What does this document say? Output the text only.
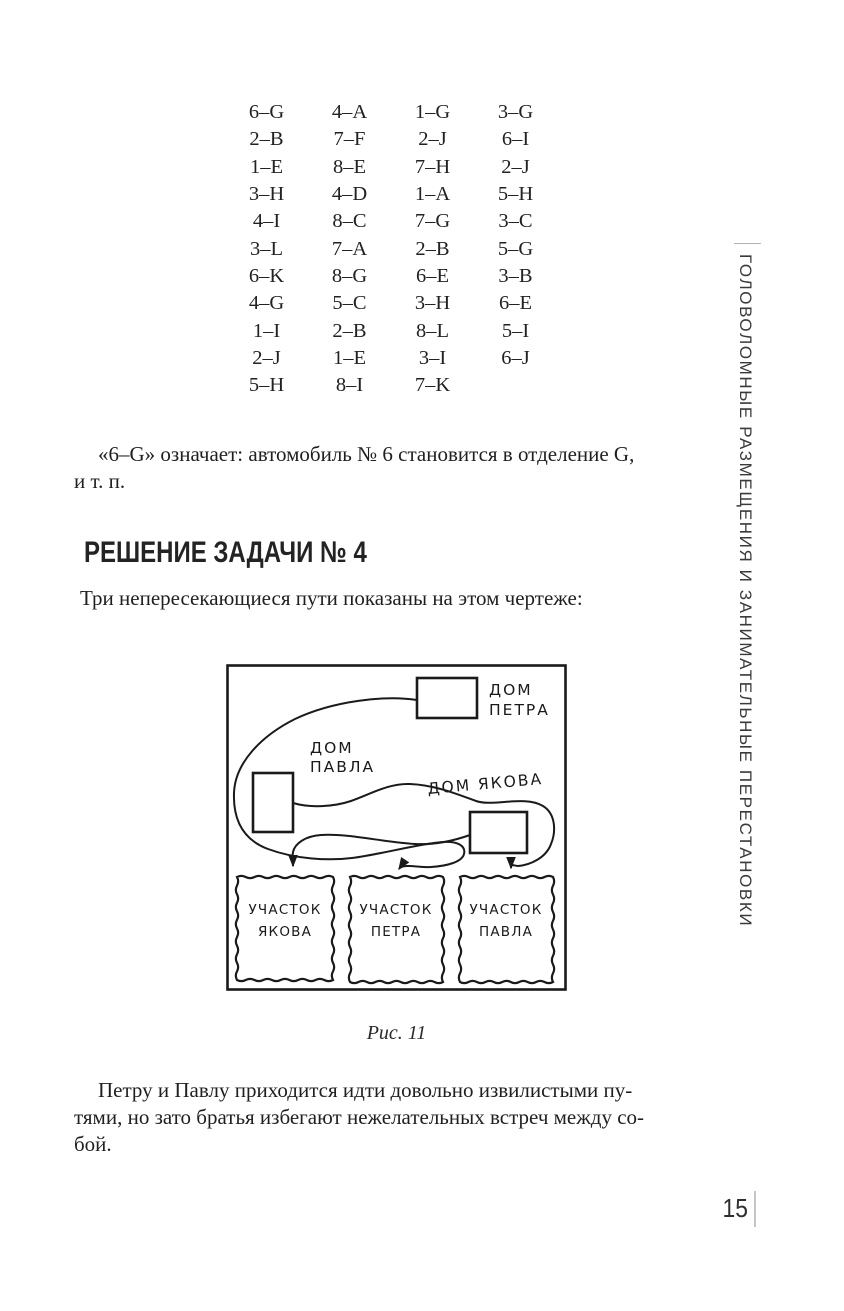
6–G	4–A	1–G	3–G
2–B	7–F	2–J	6–I
1–E	8–E	7–H	2–J
3–H	4–D	1–A	5–H
4–I	8–C	7–G	3–C
3–L	7–A	2–B	5–G
6–K	8–G	6–E	3–B
4–G	5–C	3–H	6–E
1–I	2–B	8–L	5–I
2–J	1–E	3–I	6–J
5–H	8–I	7–K
«6–G» означает: автомобиль № 6 становится в отделение G,
и т. п.
РЕШЕНИЕ ЗАДАЧИ № 4
Три непересекающиеся пути показаны на этом чертеже:
ДОМ
ПЕТРА
ДОМ
ПАВЛА
ДОМ ЯКОВА
УЧАСТОК
ЯКОВА
УЧАСТОК
ПЕТРА
УЧАСТОК
ПАВЛА
Рис. 11
Петру и Павлу приходится идти довольно извилистыми пу-
тями, но зато братья избегают нежелательных встреч между со-
бой.
ГОЛОВОЛОМНЫЕ РАЗМЕЩЕНИЯ И ЗАНИМАТЕЛЬНЫЕ ПЕРЕСТАНОВКИ
15
